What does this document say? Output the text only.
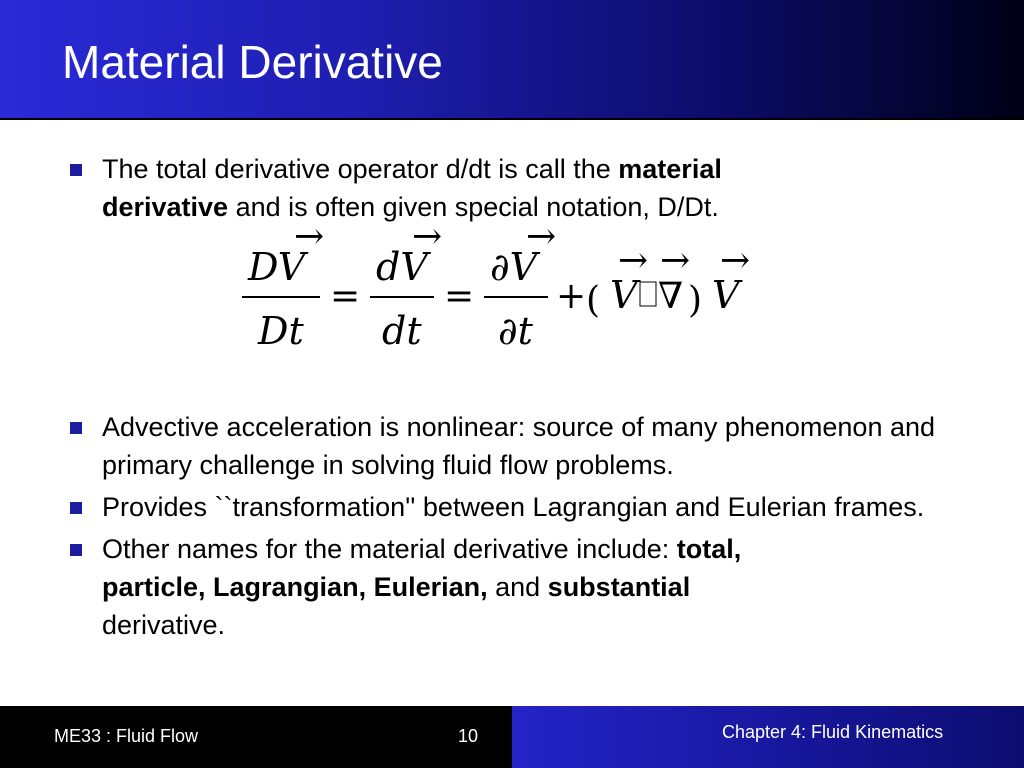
Material Derivative
The total derivative operator d/dt is call the material
derivative and is often given special notation, D/Dt.
Advective acceleration is nonlinear: source of many phenomenon and primary challenge in solving fluid flow problems.
Provides ``transformation'' between Lagrangian and Eulerian frames.
Other names for the material derivative include: total,
particle, Lagrangian, Eulerian, and substantial
derivative.
DV
→
Dt
=
dV
→
dt
=
∂V
→
∂t
+ ( V
→
∇
→
) V
→
ME33 : Fluid Flow	10	Chapter 4: Fluid Kinematics
